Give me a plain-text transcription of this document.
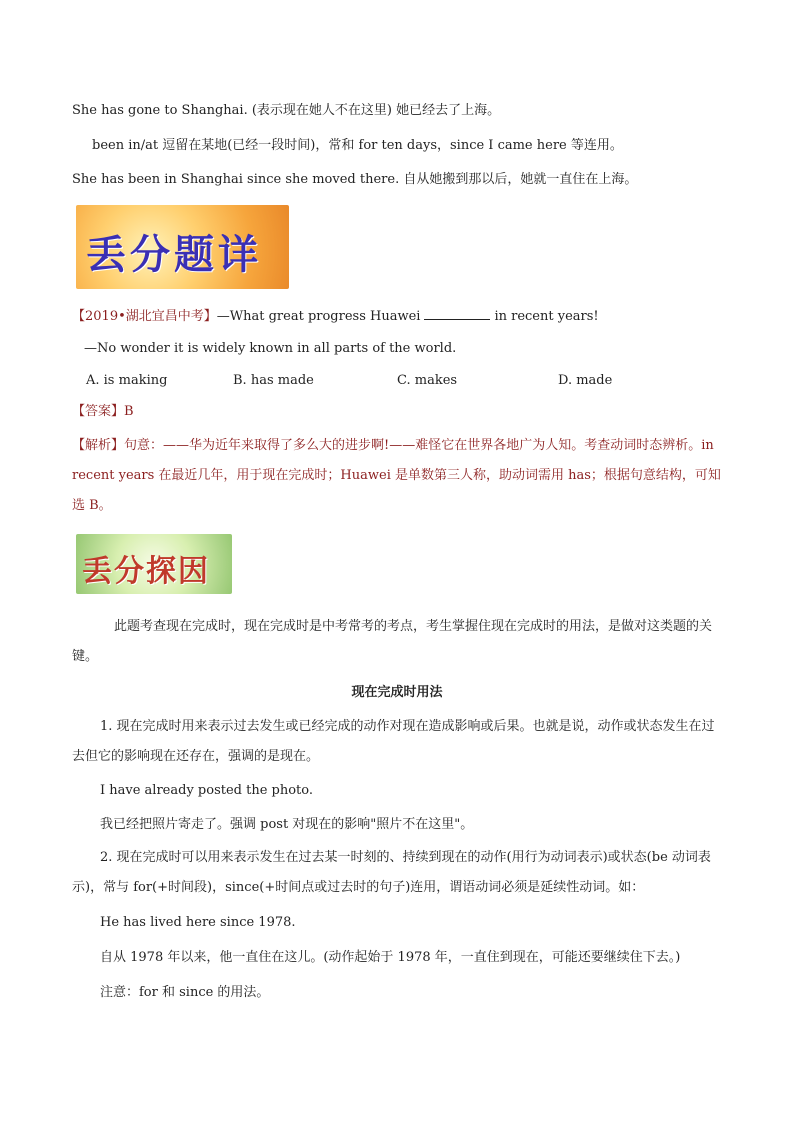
She has gone to Shanghai. (表示现在她人不在这里) 她已经去了上海。
been in/at 逗留在某地(已经一段时间)，常和 for ten days，since I came here 等连用。
She has been in Shanghai since she moved there. 自从她搬到那以后，她就一直住在上海。
丢分题详
【2019•湖北宜昌中考】—What great progress Huawei	in recent years!
—No wonder it is widely known in all parts of the world.
A. is making	B. has made	C. makes	D. made
【答案】B
【解析】句意：——华为近年来取得了多么大的进步啊!——难怪它在世界各地广为人知。考查动词时态辨析。in recent years 在最近几年，用于现在完成时；Huawei 是单数第三人称，助动词需用 has；根据句意结构，可知选 B。
丢分探因
此题考查现在完成时，现在完成时是中考常考的考点，考生掌握住现在完成时的用法，是做对这类题的关键。
现在完成时用法
1. 现在完成时用来表示过去发生或已经完成的动作对现在造成影响或后果。也就是说，动作或状态发生在过去但它的影响现在还存在，强调的是现在。
I have already posted the photo.
我已经把照片寄走了。强调 post 对现在的影响"照片不在这里"。
2. 现在完成时可以用来表示发生在过去某一时刻的、持续到现在的动作(用行为动词表示)或状态(be 动词表示)，常与 for(+时间段)，since(+时间点或过去时的句子)连用，谓语动词必须是延续性动词。如：
He has lived here since 1978.
自从 1978 年以来，他一直住在这儿。(动作起始于 1978 年，一直住到现在，可能还要继续住下去。)
注意：for 和 since 的用法。
